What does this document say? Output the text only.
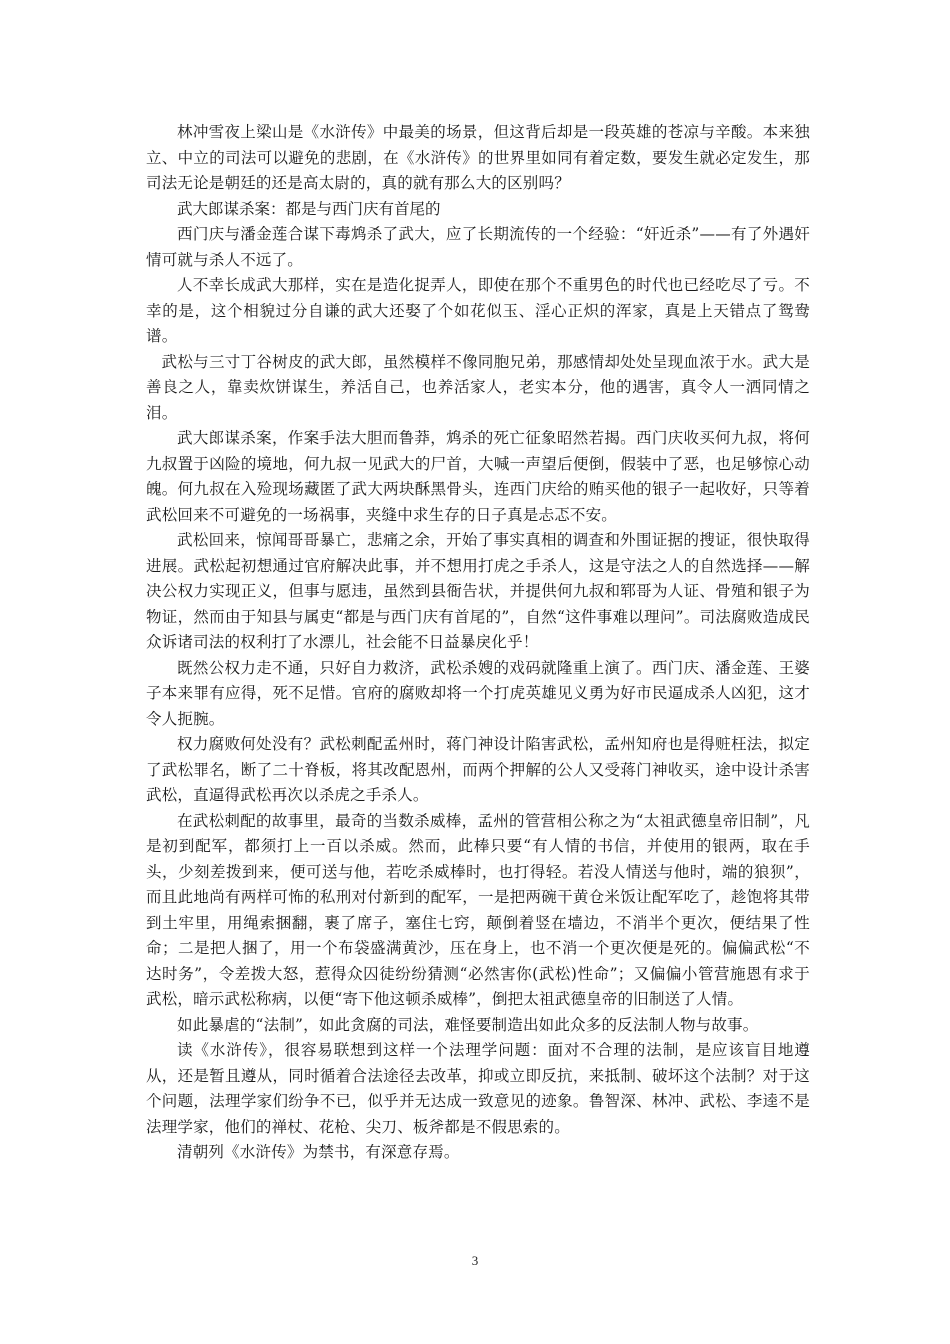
林冲雪夜上梁山是《水浒传》中最美的场景，但这背后却是一段英雄的苍凉与辛酸。本来独立、中立的司法可以避免的悲剧，在《水浒传》的世界里如同有着定数，要发生就必定发生，那司法无论是朝廷的还是高太尉的，真的就有那么大的区别吗？

武大郎谋杀案：都是与西门庆有首尾的

西门庆与潘金莲合谋下毒鸩杀了武大，应了长期流传的一个经验：“奸近杀”——有了外遇奸情可就与杀人不远了。

人不幸长成武大那样，实在是造化捉弄人，即使在那个不重男色的时代也已经吃尽了亏。不幸的是，这个相貌过分自谦的武大还娶了个如花似玉、淫心正炽的浑家，真是上天错点了鸳鸯谱。

武松与三寸丁谷树皮的武大郎，虽然模样不像同胞兄弟，那感情却处处呈现血浓于水。武大是善良之人，靠卖炊饼谋生，养活自己，也养活家人，老实本分，他的遇害，真令人一洒同情之泪。

武大郎谋杀案，作案手法大胆而鲁莽，鸩杀的死亡征象昭然若揭。西门庆收买何九叔，将何九叔置于凶险的境地，何九叔一见武大的尸首，大喊一声望后便倒，假装中了恶，也足够惊心动魄。何九叔在入殓现场藏匿了武大两块酥黑骨头，连西门庆给的贿买他的银子一起收好，只等着武松回来不可避免的一场祸事，夹缝中求生存的日子真是忐忑不安。

武松回来，惊闻哥哥暴亡，悲痛之余，开始了事实真相的调查和外围证据的搜证，很快取得进展。武松起初想通过官府解决此事，并不想用打虎之手杀人，这是守法之人的自然选择——解决公权力实现正义，但事与愿违，虽然到县衙告状，并提供何九叔和郓哥为人证、骨殖和银子为物证，然而由于知县与属吏“都是与西门庆有首尾的”，自然“这件事难以理问”。司法腐败造成民众诉诸司法的权利打了水漂儿，社会能不日益暴戾化乎！

既然公权力走不通，只好自力救济，武松杀嫂的戏码就隆重上演了。西门庆、潘金莲、王婆子本来罪有应得，死不足惜。官府的腐败却将一个打虎英雄见义勇为好市民逼成杀人凶犯，这才令人扼腕。

权力腐败何处没有？武松刺配孟州时，蒋门神设计陷害武松，孟州知府也是得赃枉法，拟定了武松罪名，断了二十脊板，将其改配恩州，而两个押解的公人又受蒋门神收买，途中设计杀害武松，直逼得武松再次以杀虎之手杀人。

在武松刺配的故事里，最奇的当数杀威棒，孟州的管营相公称之为“太祖武德皇帝旧制”，凡是初到配军，都须打上一百以杀威。然而，此棒只要“有人情的书信，并使用的银两，取在手头，少刻差拨到来，便可送与他，若吃杀威棒时，也打得轻。若没人情送与他时，端的狼狈”，而且此地尚有两样可怖的私刑对付新到的配军，一是把两碗干黄仓米饭让配军吃了，趁饱将其带到土牢里，用绳索捆翻，裹了席子，塞住七窍，颠倒着竖在墙边，不消半个更次，便结果了性命；二是把人捆了，用一个布袋盛满黄沙，压在身上，也不消一个更次便是死的。偏偏武松“不达时务”，令差拨大怒，惹得众囚徒纷纷猜测“必然害你(武松)性命”；又偏偏小管营施恩有求于武松，暗示武松称病，以便“寄下他这顿杀威棒”，倒把太祖武德皇帝的旧制送了人情。

如此暴虐的“法制”，如此贪腐的司法，难怪要制造出如此众多的反法制人物与故事。

读《水浒传》，很容易联想到这样一个法理学问题：面对不合理的法制，是应该盲目地遵从，还是暂且遵从，同时循着合法途径去改革，抑或立即反抗，来抵制、破坏这个法制？对于这个问题，法理学家们纷争不已，似乎并无达成一致意见的迹象。鲁智深、林冲、武松、李逵不是法理学家，他们的禅杖、花枪、尖刀、板斧都是不假思索的。

清朝列《水浒传》为禁书，有深意存焉。

3
